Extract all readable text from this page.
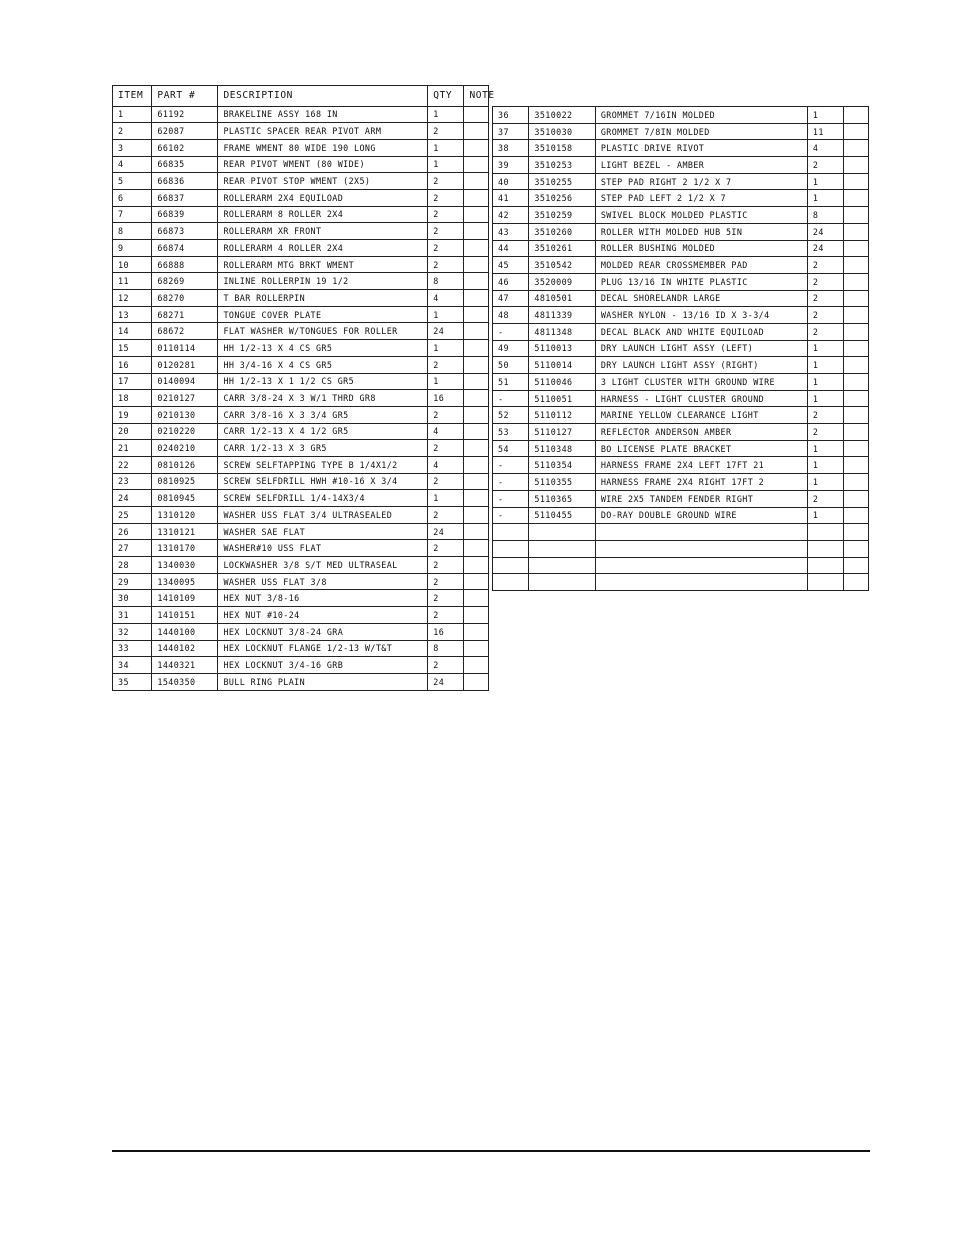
ITEM	PART #	DESCRIPTION	QTY	NOTE
1	61192	BRAKELINE ASSY 168 IN	1	
2	62087	PLASTIC SPACER REAR PIVOT ARM	2	
3	66102	FRAME WMENT 80 WIDE 190 LONG	1	
4	66835	REAR PIVOT WMENT (80 WIDE)	1	
5	66836	REAR PIVOT STOP WMENT (2X5)	2	
6	66837	ROLLERARM 2X4 EQUILOAD	2	
7	66839	ROLLERARM 8 ROLLER 2X4	2	
8	66873	ROLLERARM XR FRONT	2	
9	66874	ROLLERARM 4 ROLLER 2X4	2	
10	66888	ROLLERARM MTG BRKT WMENT	2	
11	68269	INLINE ROLLERPIN 19 1/2	8	
12	68270	T BAR ROLLERPIN	4	
13	68271	TONGUE COVER PLATE	1	
14	68672	FLAT WASHER W/TONGUES FOR ROLLER	24	
15	0110114	HH 1/2-13 X 4 CS GR5	1	
16	0120281	HH 3/4-16 X 4 CS GR5	2	
17	0140094	HH 1/2-13 X 1 1/2 CS GR5	1	
18	0210127	CARR 3/8-24 X 3 W/1 THRD GR8	16	
19	0210130	CARR 3/8-16 X 3 3/4 GR5	2	
20	0210220	CARR 1/2-13 X 4 1/2 GR5	4	
21	0240210	CARR 1/2-13 X 3 GR5	2	
22	0810126	SCREW SELFTAPPING TYPE B 1/4X1/2	4	
23	0810925	SCREW SELFDRILL HWH #10-16 X 3/4	2	
24	0810945	SCREW SELFDRILL 1/4-14X3/4	1	
25	1310120	WASHER USS FLAT 3/4 ULTRASEALED	2	
26	1310121	WASHER SAE FLAT	24	
27	1310170	WASHER#10 USS FLAT	2	
28	1340030	LOCKWASHER 3/8 S/T MED ULTRASEAL	2	
29	1340095	WASHER USS FLAT 3/8	2	
30	1410109	HEX NUT 3/8-16	2	
31	1410151	HEX NUT #10-24	2	
32	1440100	HEX LOCKNUT 3/8-24 GRA	16	
33	1440102	HEX LOCKNUT FLANGE 1/2-13 W/T&T	8	
34	1440321	HEX LOCKNUT 3/4-16 GRB	2	
35	1540350	BULL RING PLAIN	24	
36	3510022	GROMMET 7/16IN MOLDED	1	
37	3510030	GROMMET 7/8IN MOLDED	11	
38	3510158	PLASTIC DRIVE RIVOT	4	
39	3510253	LIGHT BEZEL - AMBER	2	
40	3510255	STEP PAD RIGHT 2 1/2 X 7	1	
41	3510256	STEP PAD LEFT 2 1/2 X 7	1	
42	3510259	SWIVEL BLOCK MOLDED PLASTIC	8	
43	3510260	ROLLER WITH MOLDED HUB 5IN	24	
44	3510261	ROLLER BUSHING MOLDED	24	
45	3510542	MOLDED REAR CROSSMEMBER PAD	2	
46	3520009	PLUG 13/16 IN WHITE PLASTIC	2	
47	4810501	DECAL SHORELANDR LARGE	2	
48	4811339	WASHER NYLON - 13/16 ID X 3-3/4	2	
-	4811348	DECAL BLACK AND WHITE EQUILOAD	2	
49	5110013	DRY LAUNCH LIGHT ASSY (LEFT)	1	
50	5110014	DRY LAUNCH LIGHT ASSY (RIGHT)	1	
51	5110046	3 LIGHT CLUSTER WITH GROUND WIRE	1	
-	5110051	HARNESS - LIGHT CLUSTER GROUND	1	
52	5110112	MARINE YELLOW CLEARANCE LIGHT	2	
53	5110127	REFLECTOR ANDERSON AMBER	2	
54	5110348	BO LICENSE PLATE BRACKET	1	
-	5110354	HARNESS FRAME 2X4 LEFT 17FT 21	1	
-	5110355	HARNESS FRAME 2X4 RIGHT 17FT 2	1	
-	5110365	WIRE 2X5 TANDEM FENDER RIGHT	2	
-	5110455	DO-RAY DOUBLE GROUND WIRE	1	
